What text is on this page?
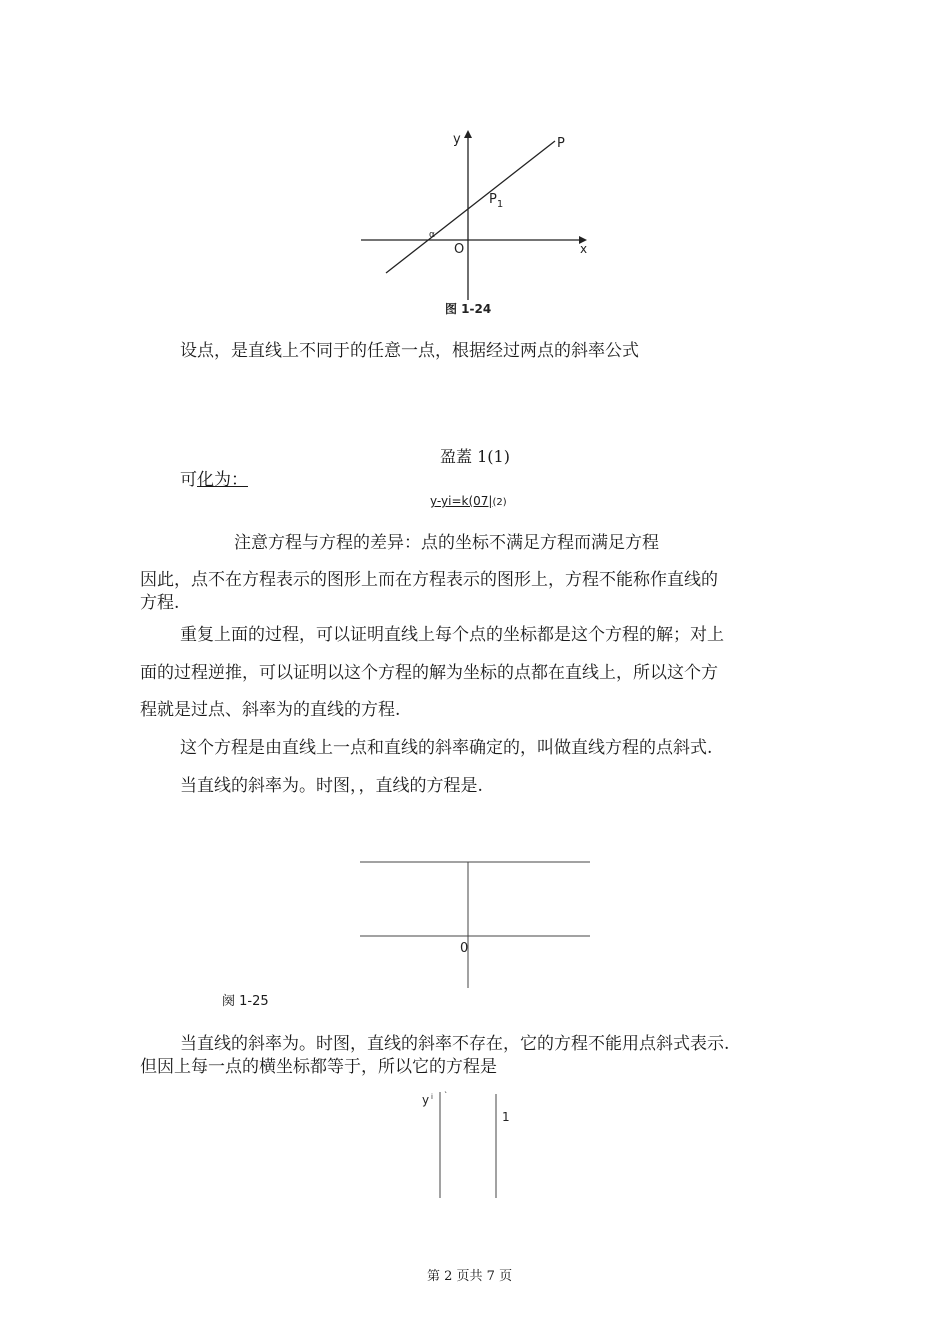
y
x
P
$P_1$
O
α
图 1-24
设点，是直线上不同于的任意一点，根据经过两点的斜率公式
盈蓋 1(1)
可化为：
y-yi=k(07|(2)
注意方程与方程的差异：点的坐标不满足方程而满足方程
因此，点不在方程表示的图形上而在方程表示的图形上，方程不能称作直线的
方程.
重复上面的过程，可以证明直线上每个点的坐标都是这个方程的解；对上
面的过程逆推，可以证明以这个方程的解为坐标的点都在直线上，所以这个方
程就是过点、斜率为的直线的方程.
这个方程是由直线上一点和直线的斜率确定的，叫做直线方程的点斜式.
当直线的斜率为。时图，，直线的方程是.
0
阕 1-25
当直线的斜率为。时图，直线的斜率不存在，它的方程不能用点斜式表示.
但因上每一点的横坐标都等于，所以它的方程是
y i `
1
第 2 页共 7 页
